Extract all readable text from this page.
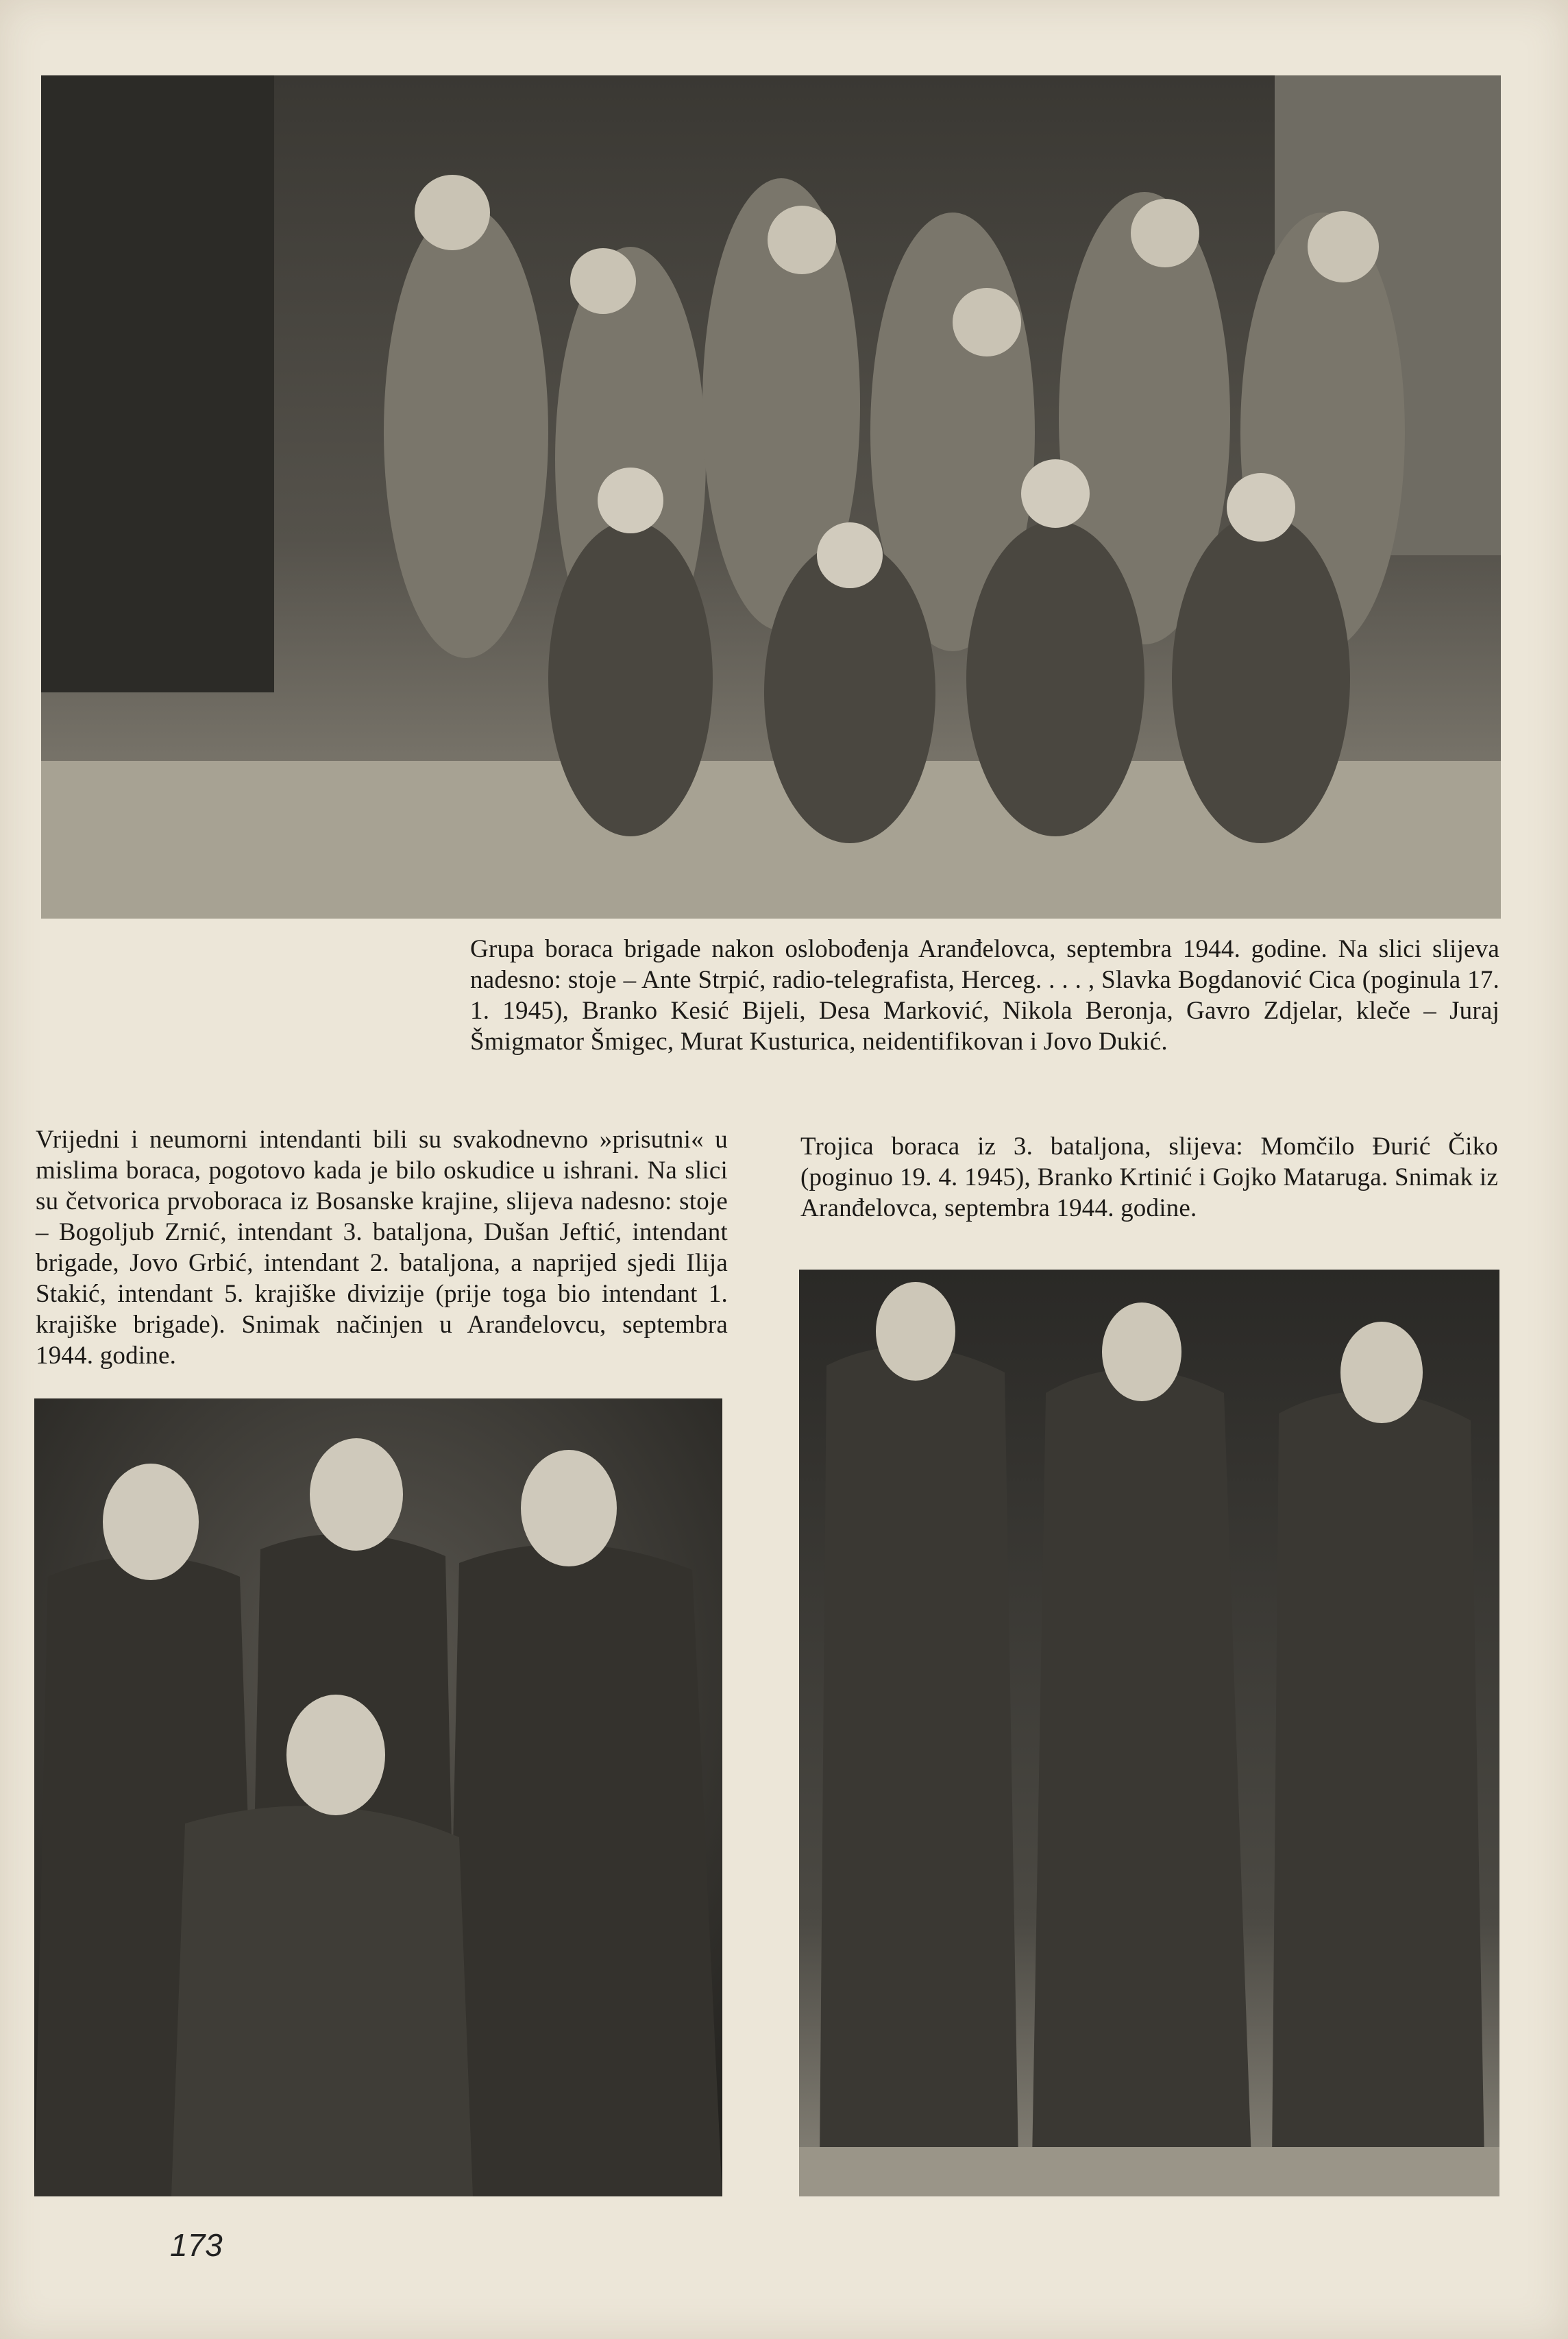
Grupa boraca brigade nakon oslobođenja Aranđelovca, septembra 1944. godine. Na slici slijeva nadesno: stoje – Ante Strpić, radio-telegrafista, Herceg. . . . , Slavka Bogdanović Cica (poginula 17. 1. 1945), Branko Kesić Bijeli, Desa Marković, Nikola Beronja, Gavro Zdjelar, kleče – Juraj Šmigmator Šmigec, Murat Kusturica, neidentifikovan i Jovo Dukić.
Vrijedni i neumorni intendanti bili su svakodnevno »prisutni« u mislima boraca, pogotovo kada je bilo oskudice u ishrani. Na slici su četvorica prvoboraca iz Bosanske krajine, slijeva nadesno: stoje – Bogoljub Zrnić, intendant 3. bataljona, Dušan Jeftić, intendant brigade, Jovo Grbić, intendant 2. bataljona, a naprijed sjedi Ilija Stakić, intendant 5. krajiške divizije (prije toga bio intendant 1. krajiške brigade). Snimak načinjen u Aranđelovcu, septembra 1944. godine.
Trojica boraca iz 3. bataljona, slijeva: Momčilo Đurić Čiko (poginuo 19. 4. 1945), Branko Krtinić i Gojko Mataruga. Snimak iz Aranđelovca, septembra 1944. godine.
173
